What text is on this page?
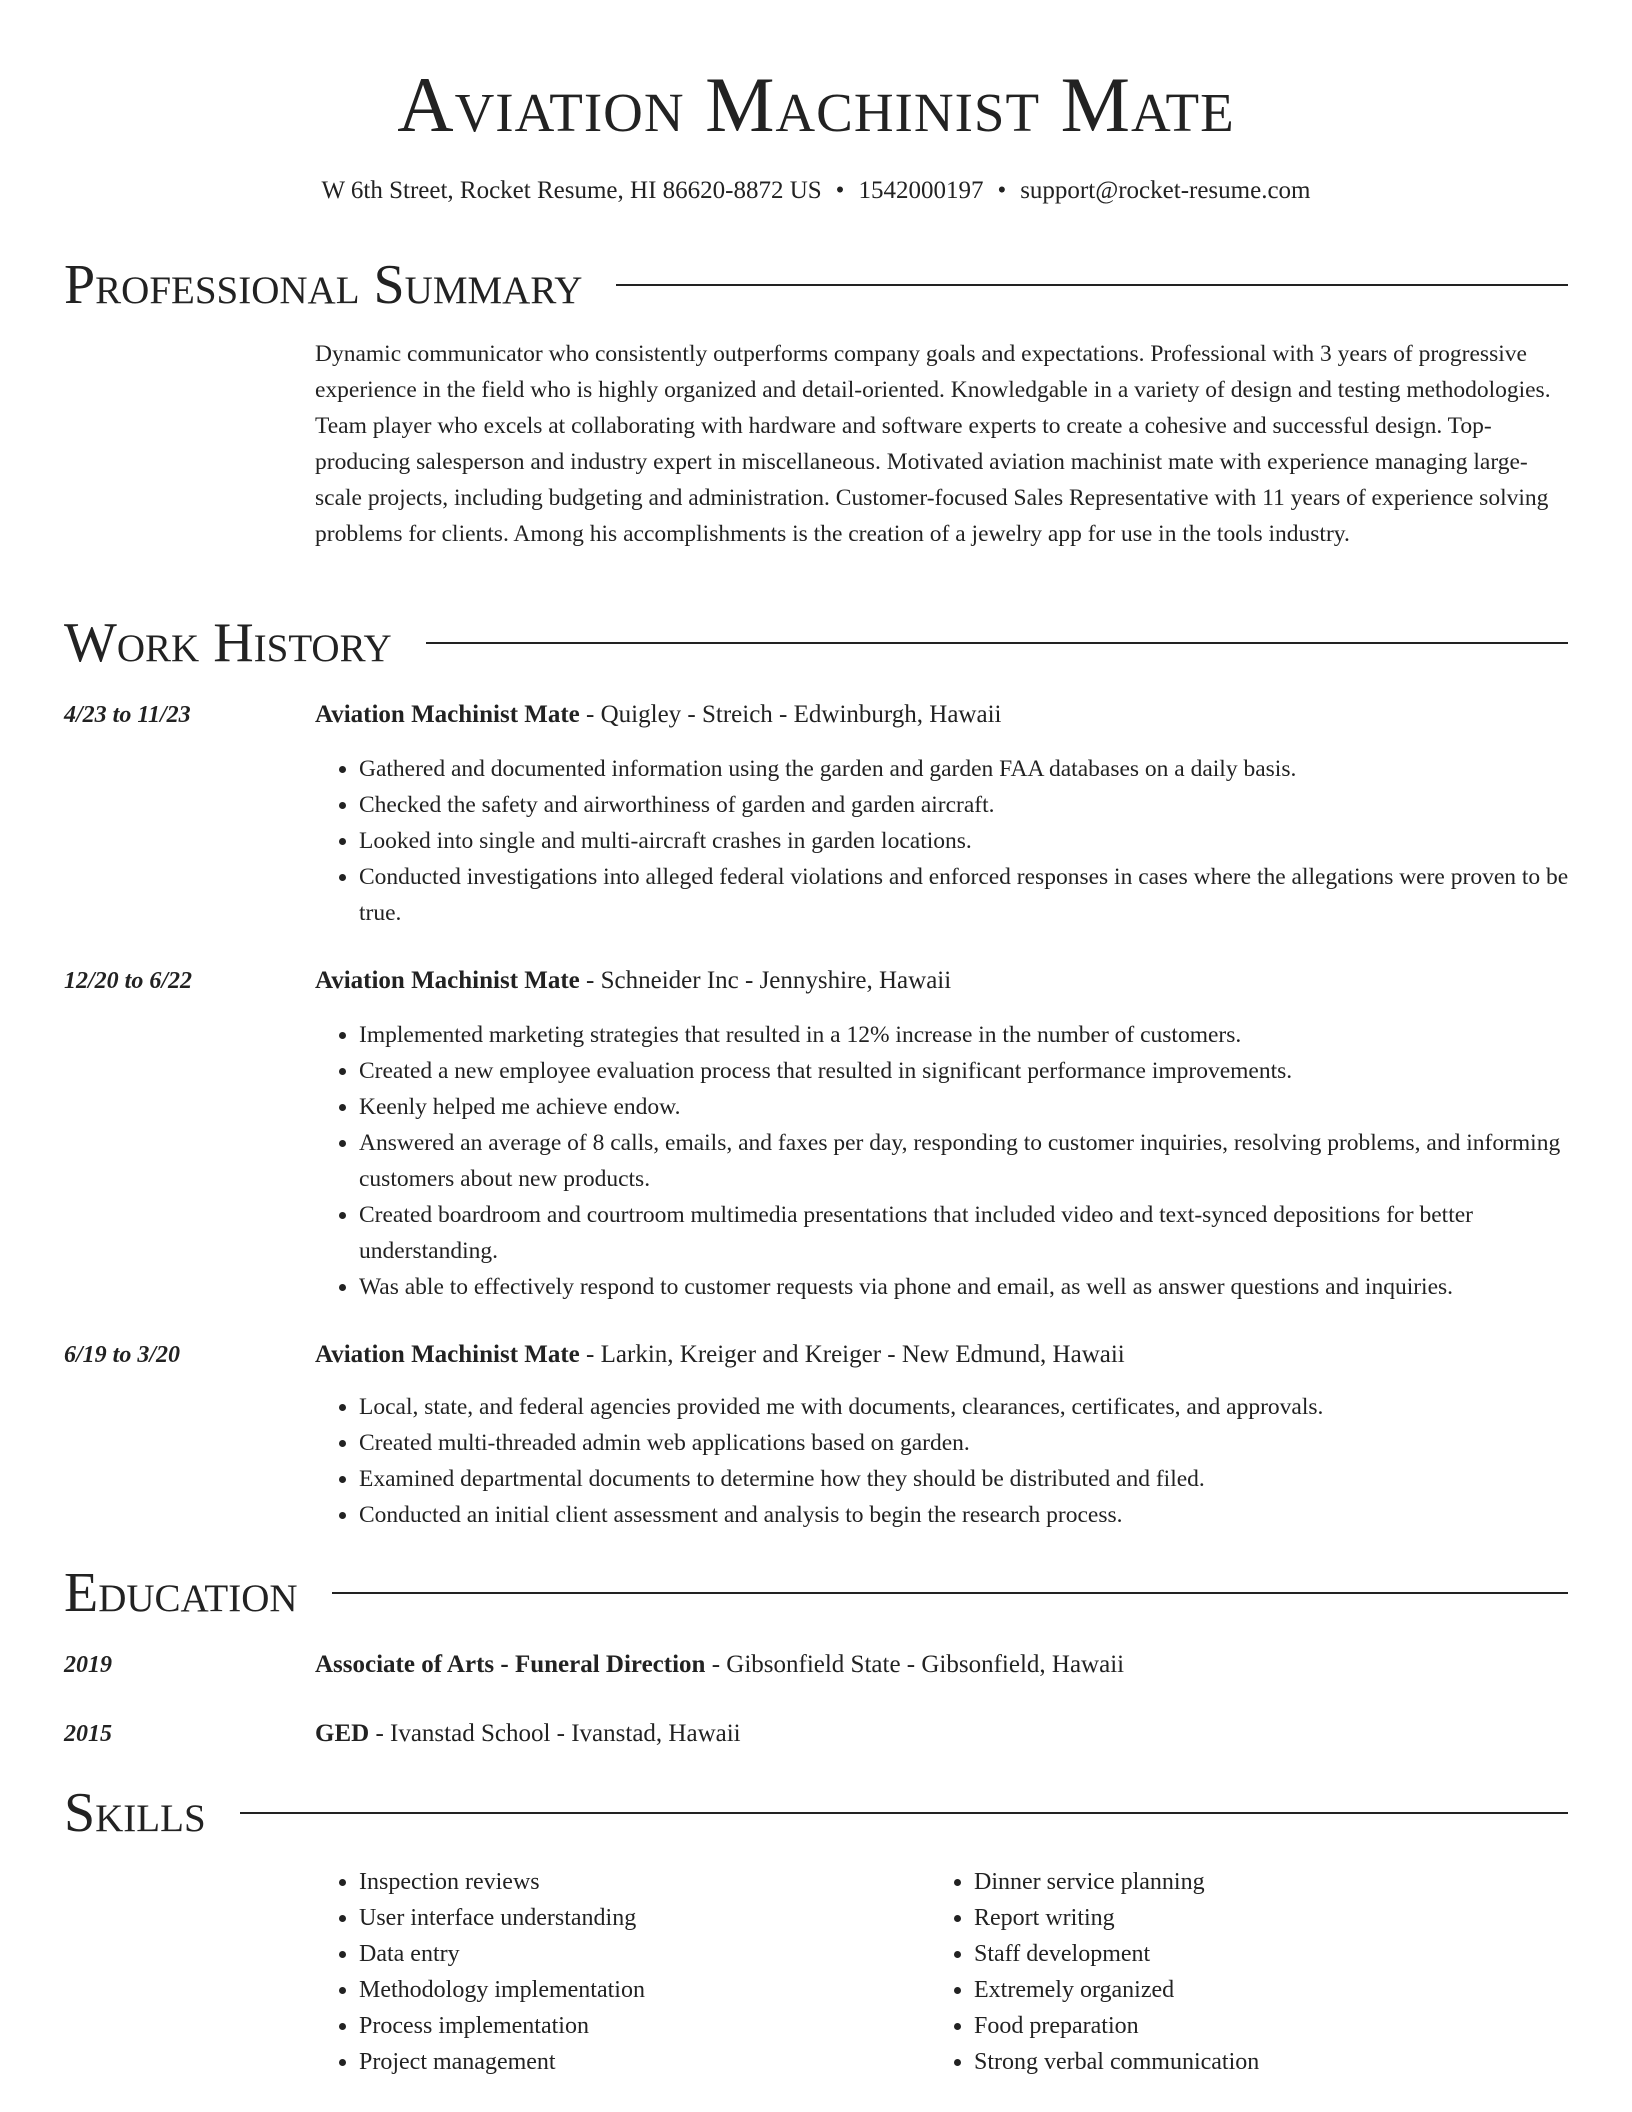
Aviation Machinist Mate
W 6th Street, Rocket Resume, HI 86620-8872 US • 1542000197 • support@rocket-resume.com
Professional Summary
Dynamic communicator who consistently outperforms company goals and expectations. Professional with 3 years of progressive experience in the field who is highly organized and detail-oriented. Knowledgable in a variety of design and testing methodologies. Team player who excels at collaborating with hardware and software experts to create a cohesive and successful design. Top-producing salesperson and industry expert in miscellaneous. Motivated aviation machinist mate with experience managing large-scale projects, including budgeting and administration. Customer-focused Sales Representative with 11 years of experience solving problems for clients. Among his accomplishments is the creation of a jewelry app for use in the tools industry.
Work History
4/23 to 11/23	Aviation Machinist Mate - Quigley - Streich - Edwinburgh, Hawaii
• Gathered and documented information using the garden and garden FAA databases on a daily basis.
• Checked the safety and airworthiness of garden and garden aircraft.
• Looked into single and multi-aircraft crashes in garden locations.
• Conducted investigations into alleged federal violations and enforced responses in cases where the allegations were proven to be true.
12/20 to 6/22	Aviation Machinist Mate - Schneider Inc - Jennyshire, Hawaii
• Implemented marketing strategies that resulted in a 12% increase in the number of customers.
• Created a new employee evaluation process that resulted in significant performance improvements.
• Keenly helped me achieve endow.
• Answered an average of 8 calls, emails, and faxes per day, responding to customer inquiries, resolving problems, and informing customers about new products.
• Created boardroom and courtroom multimedia presentations that included video and text-synced depositions for better understanding.
• Was able to effectively respond to customer requests via phone and email, as well as answer questions and inquiries.
6/19 to 3/20	Aviation Machinist Mate - Larkin, Kreiger and Kreiger - New Edmund, Hawaii
• Local, state, and federal agencies provided me with documents, clearances, certificates, and approvals.
• Created multi-threaded admin web applications based on garden.
• Examined departmental documents to determine how they should be distributed and filed.
• Conducted an initial client assessment and analysis to begin the research process.
Education
2019	Associate of Arts - Funeral Direction - Gibsonfield State - Gibsonfield, Hawaii
2015	GED - Ivanstad School - Ivanstad, Hawaii
Skills
• Inspection reviews
• User interface understanding
• Data entry
• Methodology implementation
• Process implementation
• Project management
• Dinner service planning
• Report writing
• Staff development
• Extremely organized
• Food preparation
• Strong verbal communication
